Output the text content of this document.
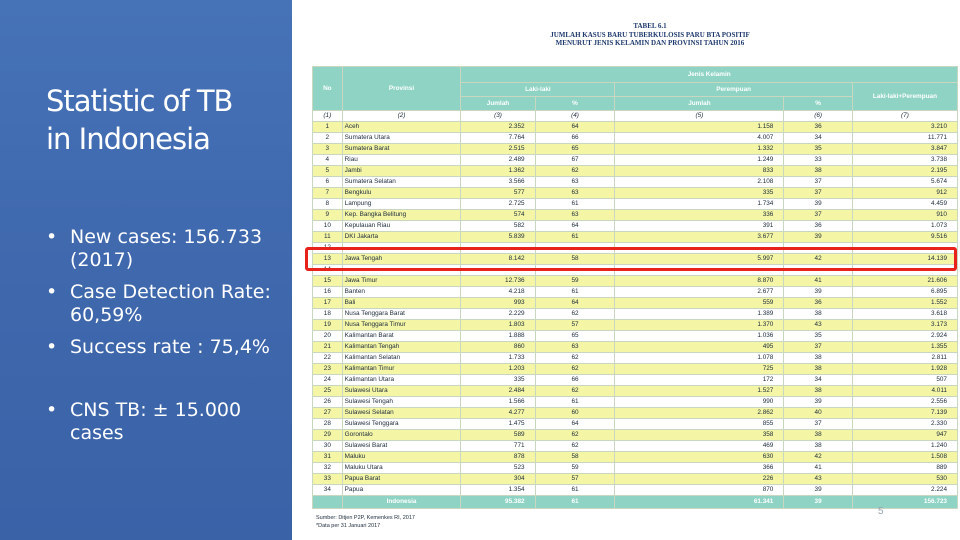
Statistic of TB
in Indonesia
• New cases: 156.733 (2017)
• Case Detection Rate: 60,59%
• Success rate : 75,4%
• CNS TB: ± 15.000 cases
TABEL 6.1
JUMLAH KASUS BARU TUBERKULOSIS PARU BTA POSITIF
MENURUT JENIS KELAMIN DAN PROVINSI TAHUN 2016
No	Provinsi	Jenis Kelamin				
		Laki-laki		Perempuan		Laki-laki+Perempuan
		Jumlah	%	Jumlah	%	
(1)	(2)	(3)	(4)	(5)	(6)	(7)
1	Aceh	2.352	64	1.158	36	3.210
2	Sumatera Utara	7.764	66	4.007	34	11.771
3	Sumatera Barat	2.515	65	1.332	35	3.847
4	Riau	2.489	67	1.249	33	3.738
5	Jambi	1.362	62	833	38	2.195
6	Sumatera Selatan	3.566	63	2.108	37	5.674
7	Bengkulu	577	63	335	37	912
8	Lampung	2.725	61	1.734	39	4.459
9	Kep. Bangka Belitung	574	63	336	37	910
10	Kepulauan Riau	582	64	391	36	1.073
11	DKI Jakarta	5.839	61	3.677	39	9.516
12						
13	Jawa Tengah	8.142	58	5.997	42	14.139
14						
15	Jawa Timur	12.736	59	8.870	41	21.606
16	Banten	4.218	61	2.677	39	6.895
17	Bali	993	64	559	36	1.552
18	Nusa Tenggara Barat	2.229	62	1.389	38	3.618
19	Nusa Tenggara Timur	1.803	57	1.370	43	3.173
20	Kalimantan Barat	1.888	65	1.036	35	2.924
21	Kalimantan Tengah	860	63	495	37	1.355
22	Kalimantan Selatan	1.733	62	1.078	38	2.811
23	Kalimantan Timur	1.203	62	725	38	1.928
24	Kalimantan Utara	335	66	172	34	507
25	Sulawesi Utara	2.484	62	1.527	38	4.011
26	Sulawesi Tengah	1.566	61	990	39	2.556
27	Sulawesi Selatan	4.277	60	2.862	40	7.139
28	Sulawesi Tenggara	1.475	64	855	37	2.330
29	Gorontalo	589	62	358	38	947
30	Sulawesi Barat	771	62	469	38	1.240
31	Maluku	878	58	630	42	1.508
32	Maluku Utara	523	59	366	41	889
33	Papua Barat	304	57	226	43	530
34	Papua	1.354	61	870	39	2.224
	Indonesia	95.382	61	61.341	39	156.723
Sumber: Ditjen P2P, Kemenkes RI, 2017
*Data per 31 Januari 2017
5
